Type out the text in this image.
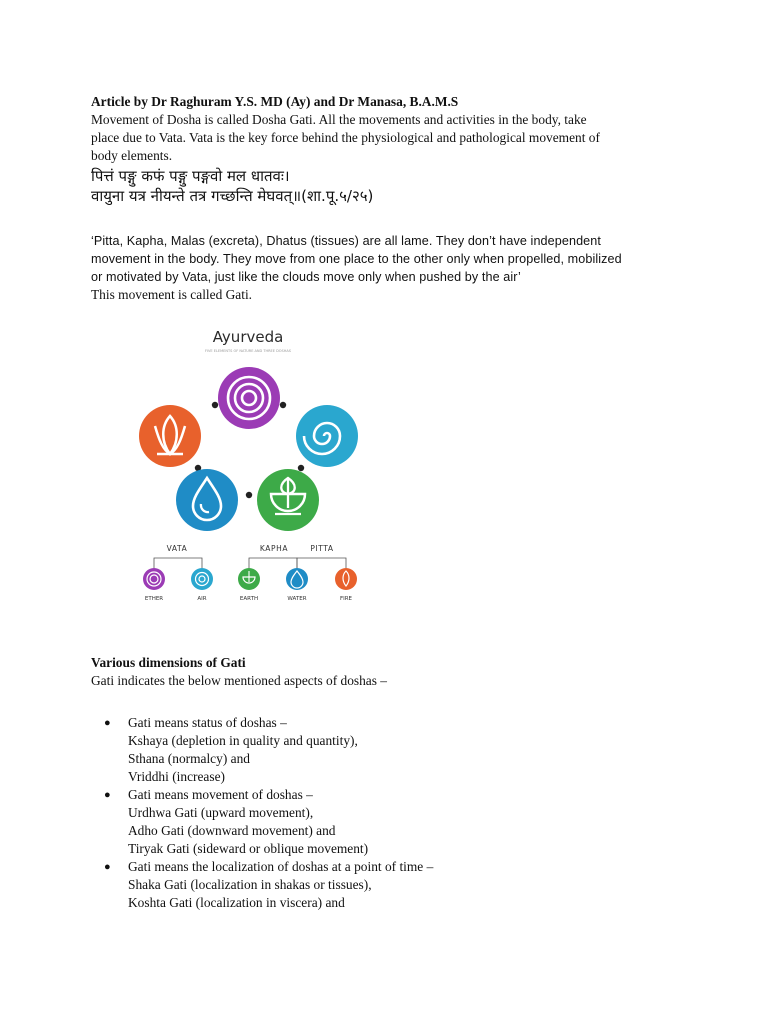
Article by Dr Raghuram Y.S. MD (Ay) and Dr Manasa, B.A.M.S
Movement of Dosha is called Dosha Gati. All the movements and activities in the body, take
place due to Vata. Vata is the key force behind the physiological and pathological movement of
body elements.
पित्तं पङ्गु कफं पङ्गु पङ्गवो मल धातवः।
वायुना यत्र नीयन्ते तत्र गच्छन्ति मेघवत्॥(शा.पू.५/२५)
‘Pitta, Kapha, Malas (excreta), Dhatus (tissues) are all lame. They don’t have independent
movement in the body. They move from one place to the other only when propelled, mobilized
or motivated by Vata, just like the clouds move only when pushed by the air’
This movement is called Gati.
Ayurveda
FIVE ELEMENTS OF NATURE AND THREE DOSHAS
VATA	KAPHA	PITTA
ETHER	AIR	EARTH	WATER	FIRE
Various dimensions of Gati
Gati indicates the below mentioned aspects of doshas –
● Gati means status of doshas –
Kshaya (depletion in quality and quantity),
Sthana (normalcy) and
Vriddhi (increase)
● Gati means movement of doshas –
Urdhwa Gati (upward movement),
Adho Gati (downward movement) and
Tiryak Gati (sideward or oblique movement)
● Gati means the localization of doshas at a point of time –
Shaka Gati (localization in shakas or tissues),
Koshta Gati (localization in viscera) and
